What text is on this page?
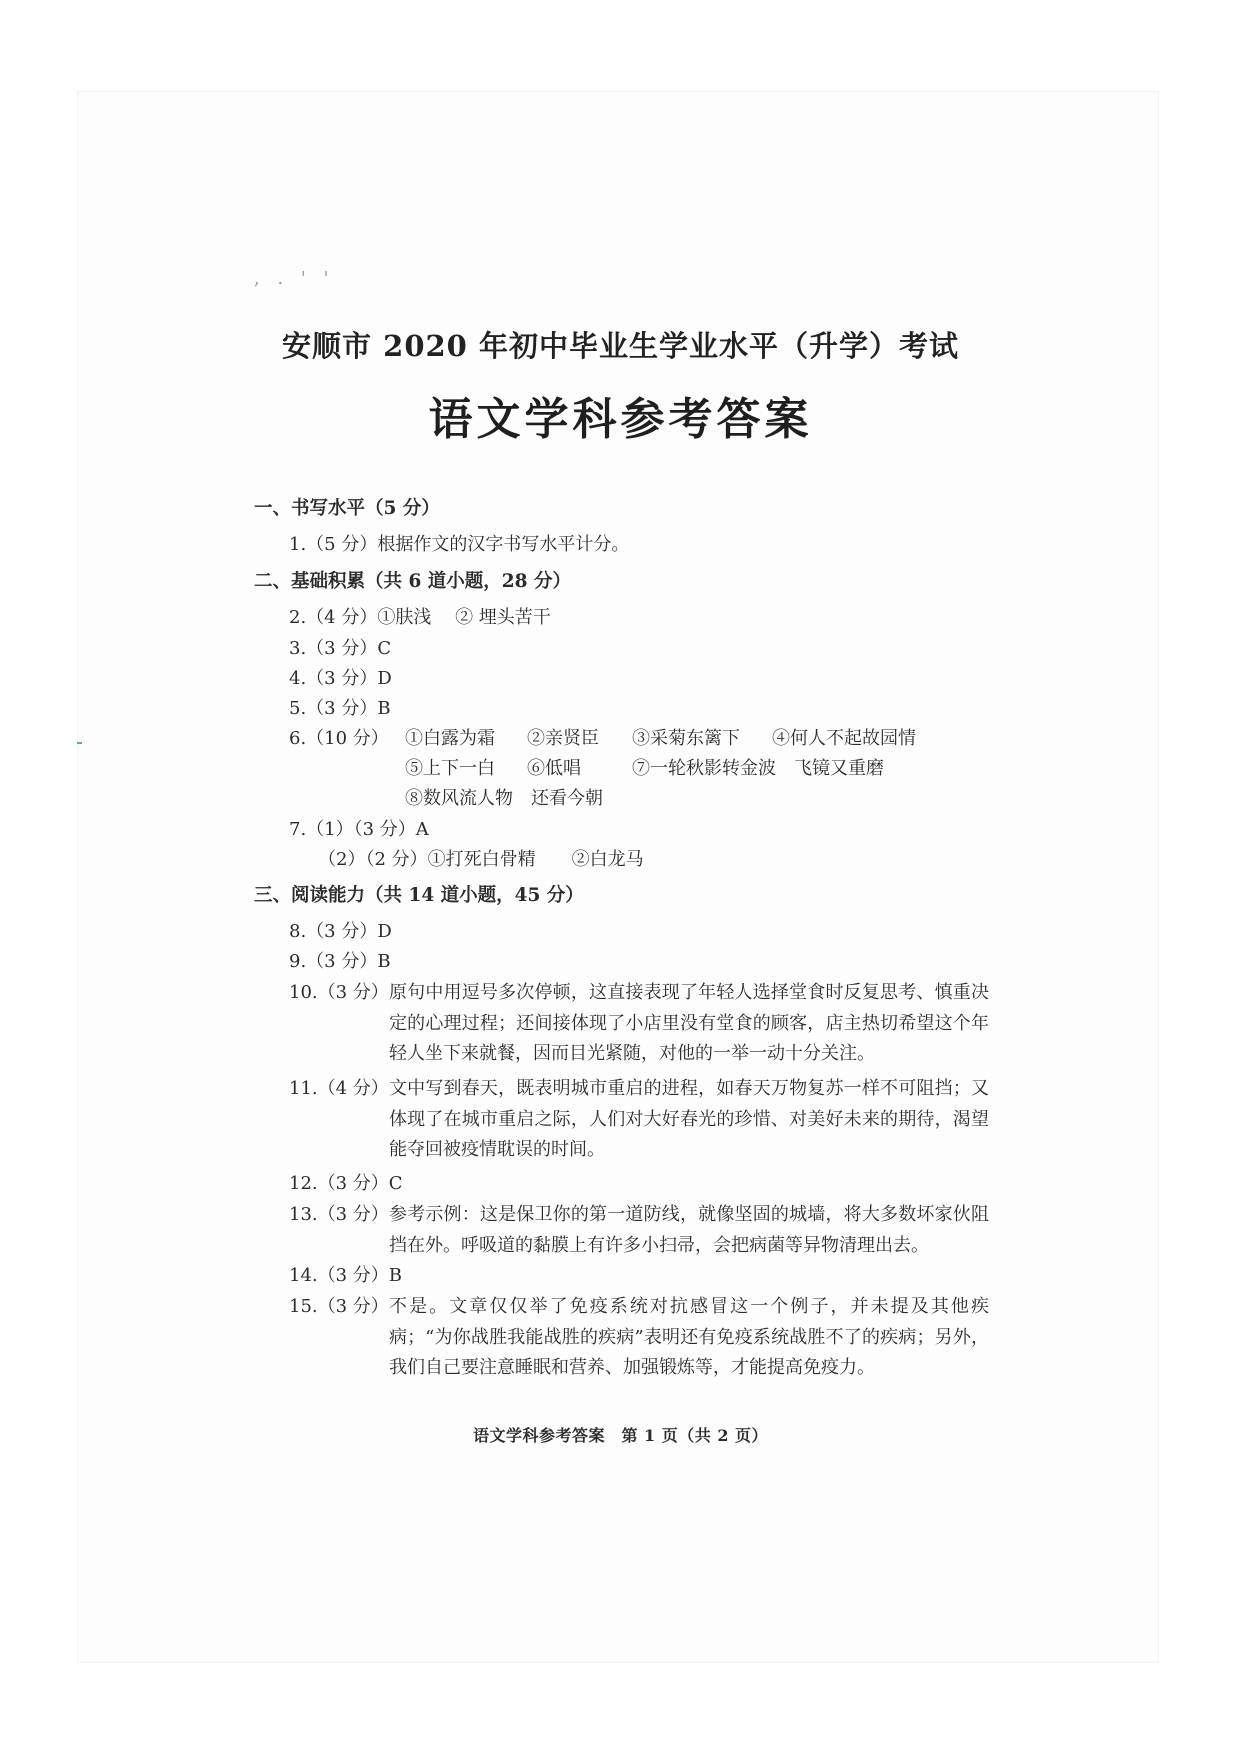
, . ' '
安顺市 2020 年初中毕业生学业水平（升学）考试
语文学科参考答案
一、书写水平（5 分）
1.（5 分）根据作文的汉字书写水平计分。
二、基础积累（共 6 道小题，28 分）
2.（4 分）①肤浅　 ② 埋头苦干
3.（3 分）C
4.（3 分）D
5.（3 分）B
6.（10 分） ①白露为霜 ②亲贤臣 ③采菊东篱下 ④何人不起故园情
⑤上下一白 ⑥低唱	⑦一轮秋影转金波　飞镜又重磨
⑧数风流人物　还看今朝
7.（1）（3 分）A
（2）（2 分）①打死白骨精　　②白龙马
三、阅读能力（共 14 道小题，45 分）
8.（3 分）D
9.（3 分）B
10.（3 分） 原句中用逗号多次停顿，这直接表现了年轻人选择堂食时反复思考、慎重决定的心理过程；还间接体现了小店里没有堂食的顾客，店主热切希望这个年轻人坐下来就餐，因而目光紧随，对他的一举一动十分关注。
11.（4 分） 文中写到春天，既表明城市重启的进程，如春天万物复苏一样不可阻挡；又体现了在城市重启之际，人们对大好春光的珍惜、对美好未来的期待，渴望能夺回被疫情耽误的时间。
12.（3 分）C
13.（3 分） 参考示例：这是保卫你的第一道防线，就像坚固的城墙，将大多数坏家伙阻挡在外。呼吸道的黏膜上有许多小扫帚，会把病菌等异物清理出去。
14.（3 分）B
15.（3 分） 不是。文章仅仅举了免疫系统对抗感冒这一个例子，并未提及其他疾病；“为你战胜我能战胜的疾病”表明还有免疫系统战胜不了的疾病；另外，我们自己要注意睡眠和营养、加强锻炼等，才能提高免疫力。
语文学科参考答案　第 1 页（共 2 页）
